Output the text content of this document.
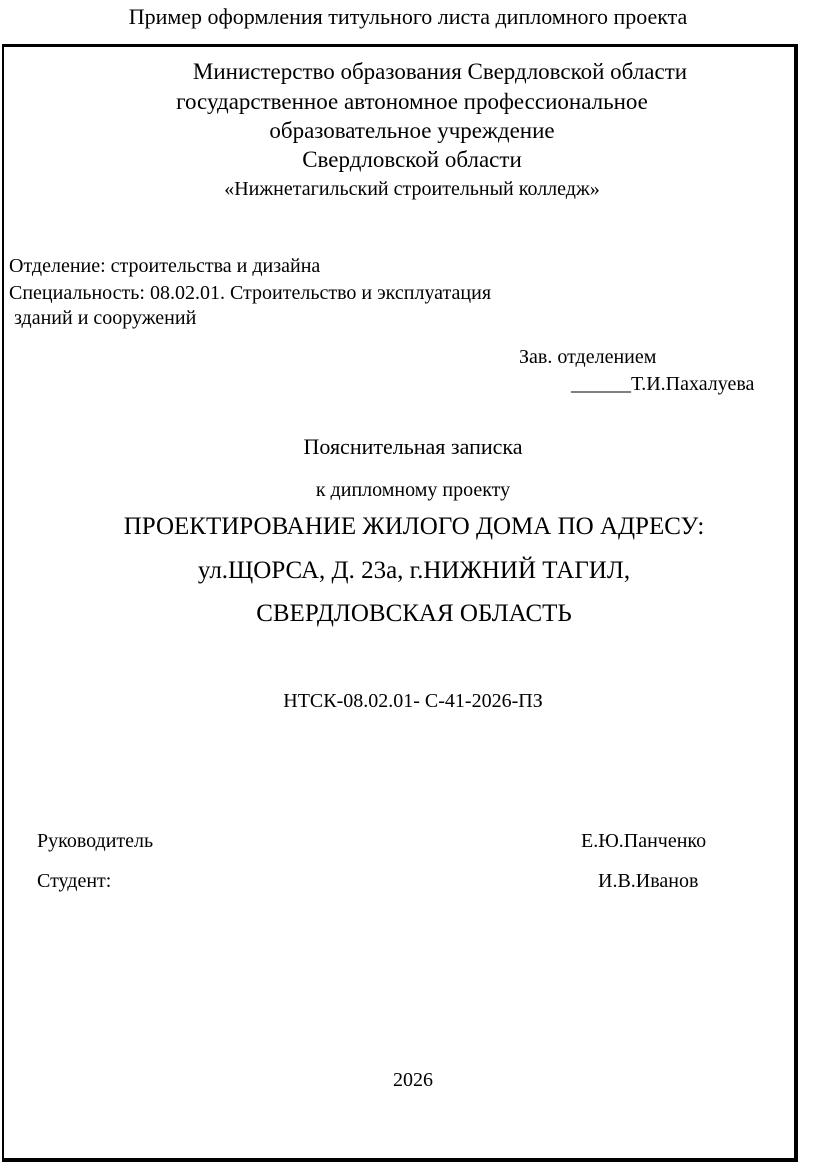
Пример оформления титульного листа дипломного проекта
Министерство образования Свердловской области
государственное автономное профессиональное
образовательное учреждение
Свердловской области
«Нижнетагильский строительный колледж»
Отделение: строительства и дизайна
Специальность: 08.02.01. Строительство и эксплуатация
зданий и сооружений
Зав. отделением
______Т.И.Пахалуева
Пояснительная записка
к дипломному проекту
ПРОЕКТИРОВАНИЕ ЖИЛОГО ДОМА ПО АДРЕСУ:
ул.ЩОРСА, Д. 23а, г.НИЖНИЙ ТАГИЛ,
СВЕРДЛОВСКАЯ ОБЛАСТЬ
НТСК-08.02.01- С-41-2026-ПЗ
Руководитель	Е.Ю.Панченко
Студент:	И.В.Иванов
2026
